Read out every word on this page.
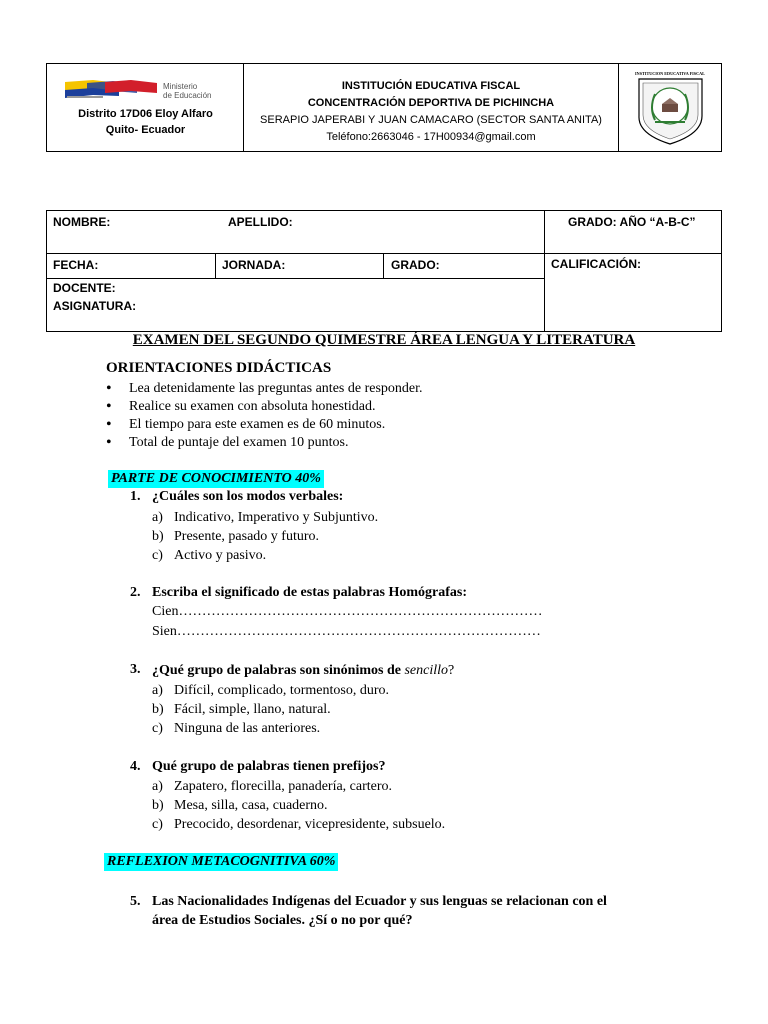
Ministerio
de Educación
Distrito 17D06 Eloy Alfaro
Quito- Ecuador
INSTITUCIÓN EDUCATIVA FISCAL
CONCENTRACIÓN DEPORTIVA DE PICHINCHA
SERAPIO JAPERABI Y JUAN CAMACARO (SECTOR SANTA ANITA)
Teléfono:2663046 - 17H00934@gmail.com
INSTITUCION EDUCATIVA FISCAL
NOMBRE:	APELLIDO:	GRADO: AÑO “A-B-C”
FECHA:	JORNADA:	GRADO:	CALIFICACIÓN:
DOCENTE:
ASIGNATURA:
EXAMEN DEL SEGUNDO QUIMESTRE ÁREA LENGUA Y LITERATURA
ORIENTACIONES DIDÁCTICAS
• Lea detenidamente las preguntas antes de responder.
• Realice su examen con absoluta honestidad.
• El tiempo para este examen es de 60 minutos.
• Total de puntaje del examen 10 puntos.
PARTE DE CONOCIMIENTO 40%
1. ¿Cuáles son los modos verbales:
a) Indicativo, Imperativo y Subjuntivo.
b) Presente, pasado y futuro.
c) Activo y pasivo.
2. Escriba el significado de estas palabras Homógrafas:
Cien……………………………………………………………………
Sien……………………………………………………………………
3. ¿Qué grupo de palabras son sinónimos de sencillo?
a) Difícil, complicado, tormentoso, duro.
b) Fácil, simple, llano, natural.
c) Ninguna de las anteriores.
4. Qué grupo de palabras tienen prefijos?
a) Zapatero, florecilla, panadería, cartero.
b) Mesa, silla, casa, cuaderno.
c) Precocido, desordenar, vicepresidente, subsuelo.
REFLEXION METACOGNITIVA 60%
5. Las Nacionalidades Indígenas del Ecuador y sus lenguas se relacionan con el
área de Estudios Sociales. ¿Sí o no por qué?
